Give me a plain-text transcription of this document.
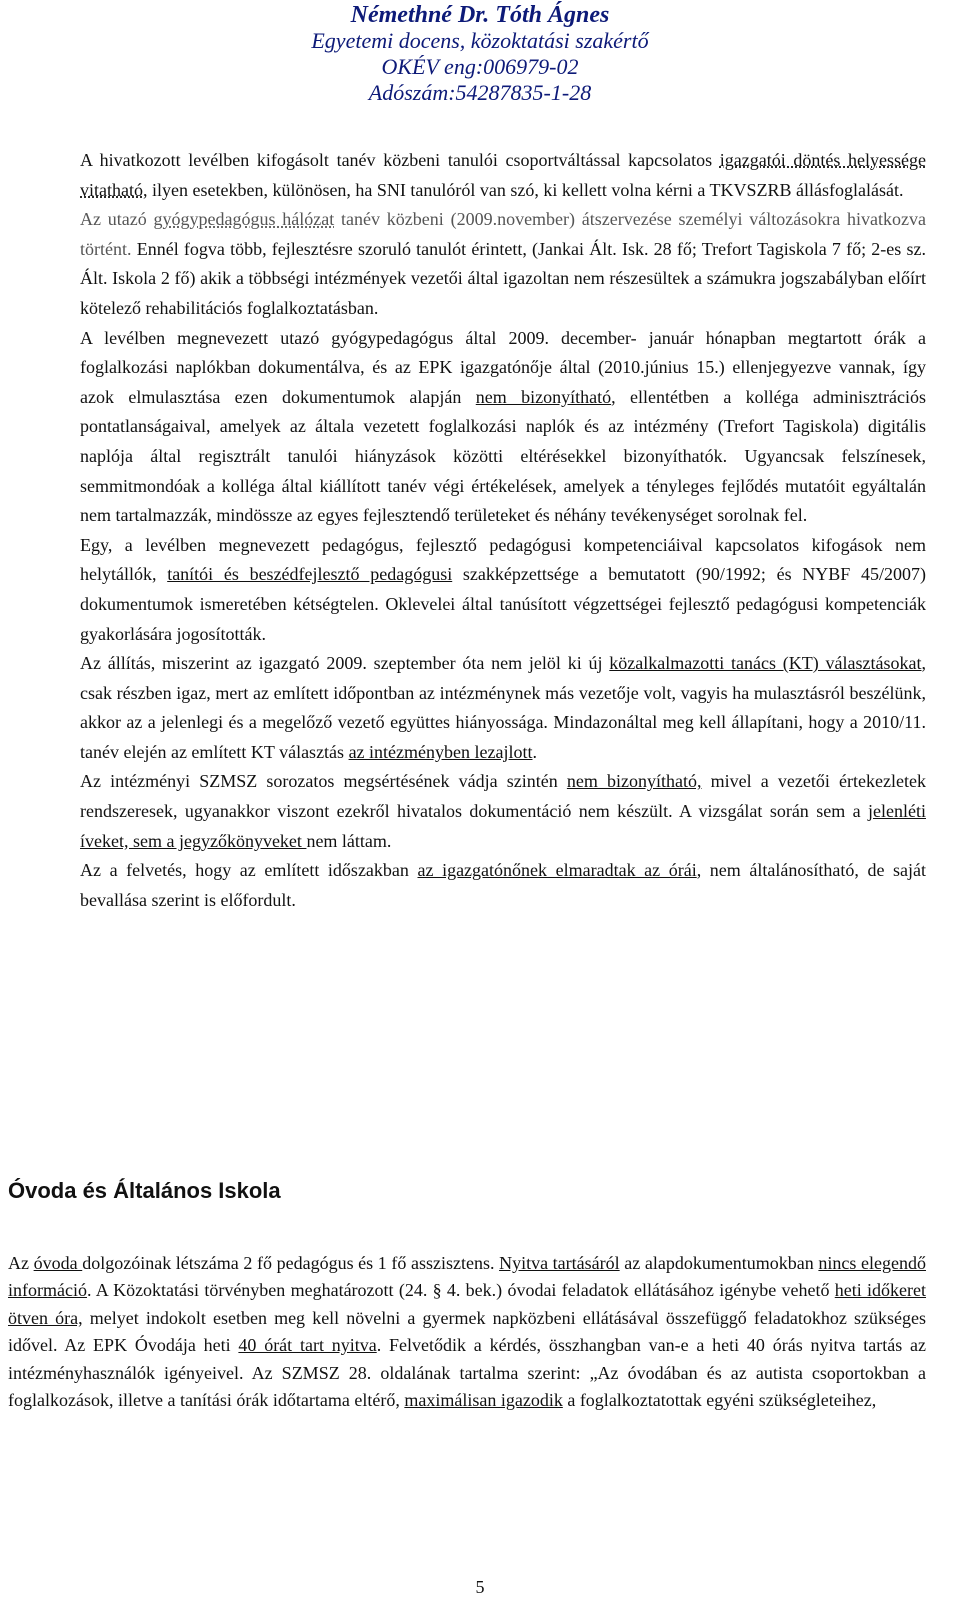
Némethné Dr. Tóth Ágnes
Egyetemi docens, közoktatási szakértő
OKÉV eng:006979-02
Adószám:54287835-1-28

A hivatkozott levélben kifogásolt tanév közbeni tanulói csoportváltással kapcsolatos igazgatói döntés helyessége vitatható, ilyen esetekben, különösen, ha SNI tanulóról van szó, ki kellett volna kérni a TKVSZRB állásfoglalását.

Az utazó gyógypedagógus hálózat tanév közbeni (2009.november) átszervezése személyi változásokra hivatkozva történt. Ennél fogva több, fejlesztésre szoruló tanulót érintett, (Jankai Ált. Isk. 28 fő; Trefort Tagiskola 7 fő; 2-es sz. Ált. Iskola 2 fő) akik a többségi intézmények vezetői által igazoltan nem részesültek a számukra jogszabályban előírt kötelező rehabilitációs foglalkoztatásban.

A levélben megnevezett utazó gyógypedagógus által 2009. december- január hónapban megtartott órák a foglalkozási naplókban dokumentálva, és az EPK igazgatónője által (2010.június 15.) ellenjegyezve vannak, így azok elmulasztása ezen dokumentumok alapján nem bizonyítható, ellentétben a kolléga adminisztrációs pontatlanságaival, amelyek az általa vezetett foglalkozási naplók és az intézmény (Trefort Tagiskola) digitális naplója által regisztrált tanulói hiányzások közötti eltérésekkel bizonyíthatók. Ugyancsak felszínesek, semmitmondóak a kolléga által kiállított tanév végi értékelések, amelyek a tényleges fejlődés mutatóit egyáltalán nem tartalmazzák, mindössze az egyes fejlesztendő területeket és néhány tevékenységet sorolnak fel.

Egy, a levélben megnevezett pedagógus, fejlesztő pedagógusi kompetenciáival kapcsolatos kifogások nem helytállók, tanítói és beszédfejlesztő pedagógusi szakképzettsége a bemutatott (90/1992; és NYBF 45/2007) dokumentumok ismeretében kétségtelen. Oklevelei által tanúsított végzettségei fejlesztő pedagógusi kompetenciák gyakorlására jogosították.

Az állítás, miszerint az igazgató 2009. szeptember óta nem jelöl ki új közalkalmazotti tanács (KT) választásokat, csak részben igaz, mert az említett időpontban az intézménynek más vezetője volt, vagyis ha mulasztásról beszélünk, akkor az a jelenlegi és a megelőző vezető együttes hiányossága. Mindazonáltal meg kell állapítani, hogy a 2010/11. tanév elején az említett KT választás az intézményben lezajlott.

Az intézményi SZMSZ sorozatos megsértésének vádja szintén nem bizonyítható, mivel a vezetői értekezletek rendszeresek, ugyanakkor viszont ezekről hivatalos dokumentáció nem készült. A vizsgálat során sem a jelenléti íveket, sem a jegyzőkönyveket nem láttam.

Az a felvetés, hogy az említett időszakban az igazgatónőnek elmaradtak az órái, nem általánosítható, de saját bevallása szerint is előfordult.

Óvoda és Általános Iskola

Az óvoda dolgozóinak létszáma 2 fő pedagógus és 1 fő asszisztens. Nyitva tartásáról az alapdokumentumokban nincs elegendő információ. A Közoktatási törvényben meghatározott (24. § 4. bek.) óvodai feladatok ellátásához igénybe vehető heti időkeret ötven óra, melyet indokolt esetben meg kell növelni a gyermek napközbeni ellátásával összefüggő feladatokhoz szükséges idővel. Az EPK Óvodája heti 40 órát tart nyitva. Felvetődik a kérdés, összhangban van-e a heti 40 órás nyitva tartás az intézményhasználók igényeivel. Az SZMSZ 28. oldalának tartalma szerint: „Az óvodában és az autista csoportokban a foglalkozások, illetve a tanítási órák időtartama eltérő, maximálisan igazodik a foglalkoztatottak egyéni szükségleteihez,

5
